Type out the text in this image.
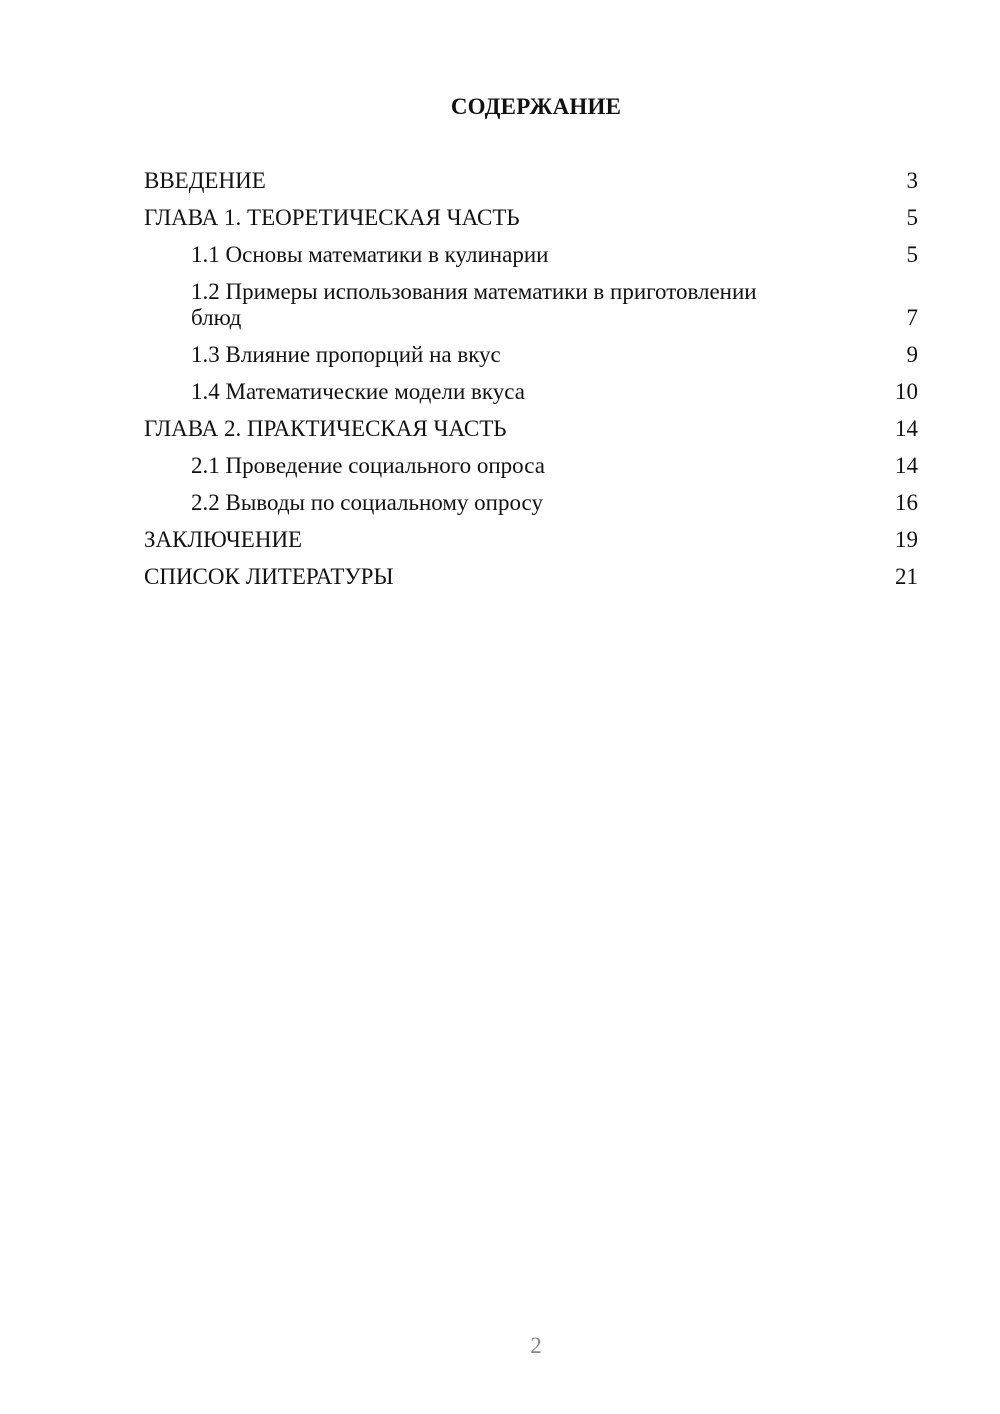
СОДЕРЖАНИЕ
ВВЕДЕНИЕ	3
ГЛАВА 1. ТЕОРЕТИЧЕСКАЯ ЧАСТЬ	5
1.1 Основы математики в кулинарии	5
1.2 Примеры использования математики в приготовлении блюд	7
1.3 Влияние пропорций на вкус	9
1.4 Математические модели вкуса	10
ГЛАВА 2. ПРАКТИЧЕСКАЯ ЧАСТЬ	14
2.1 Проведение социального опроса	14
2.2 Выводы по социальному опросу	16
ЗАКЛЮЧЕНИЕ	19
СПИСОК ЛИТЕРАТУРЫ	21
2
